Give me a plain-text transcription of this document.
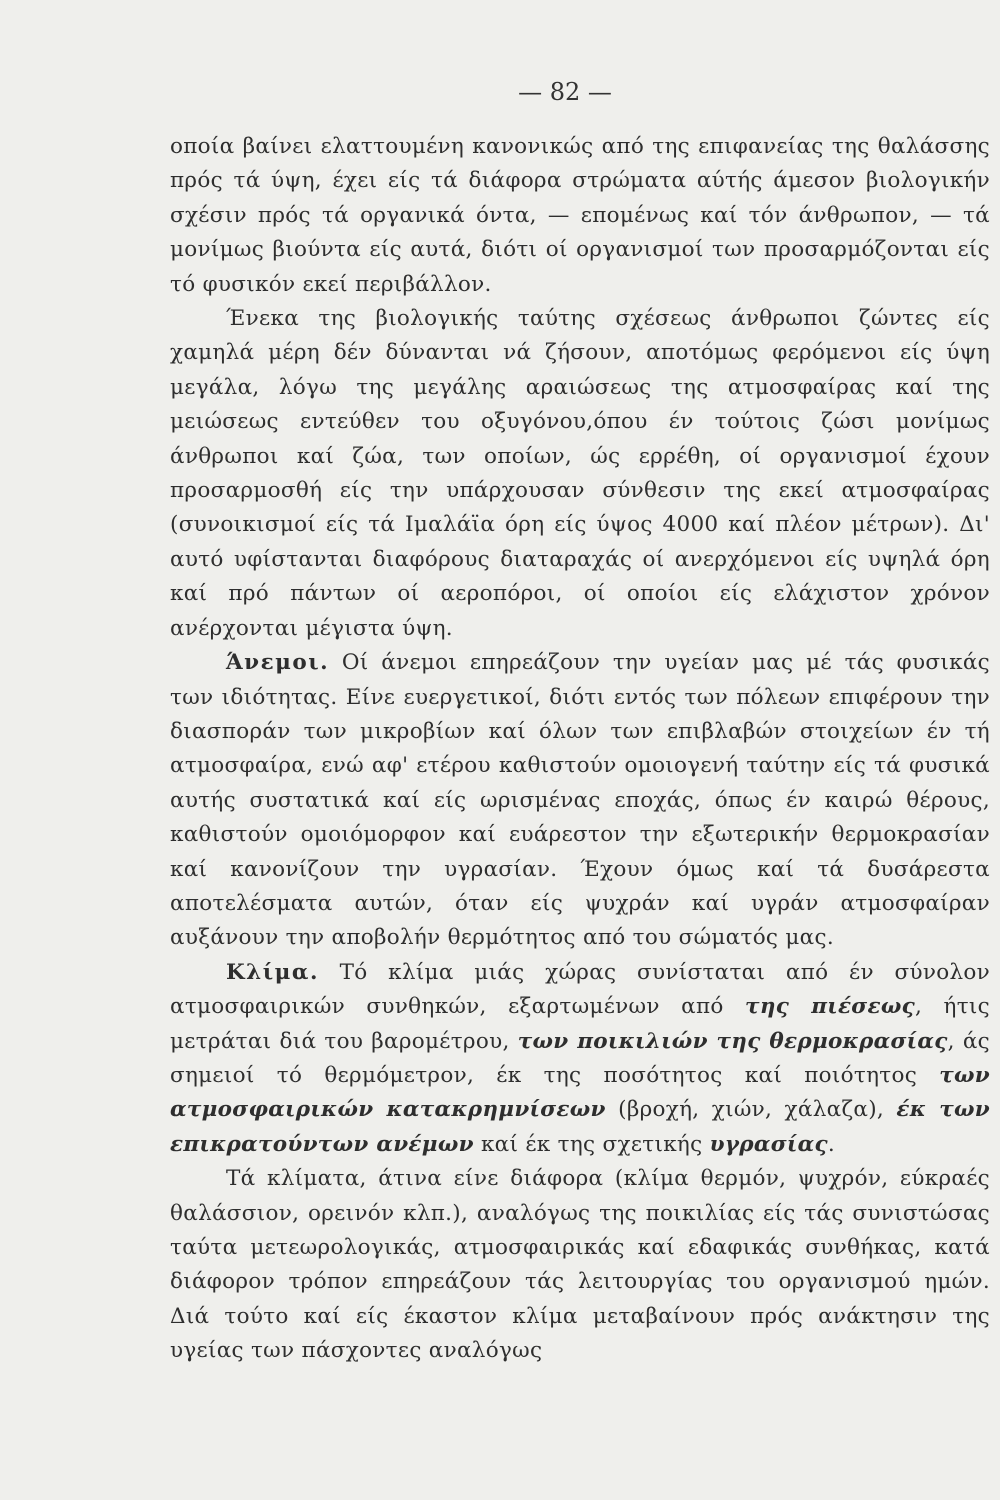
— 82 —

οποία βαίνει ελαττουμένη κανονικώς από της επιφανείας της θαλάσσης πρός τά ύψη, έχει είς τά διάφορα στρώματα αύτής άμεσον βιολογικήν σχέσιν πρός τά οργανικά όντα, — επομένως καί τόν άνθρωπον, — τά μονίμως βιούντα είς αυτά, διότι οί οργανισμοί των προσαρμόζονται είς τό φυσικόν εκεί περιβάλλον.

Ένεκα της βιολογικής ταύτης σχέσεως άνθρωποι ζώντες είς χαμηλά μέρη δέν δύνανται νά ζήσουν, αποτόμως φερόμενοι είς ύψη μεγάλα, λόγω της μεγάλης αραιώσεως της ατμοσφαίρας καί της μειώσεως εντεύθεν του οξυγόνου,όπου έν τούτοις ζώσι μονίμως άνθρωποι καί ζώα, των οποίων, ώς ερρέθη, οί οργανισμοί έχουν προσαρμοσθή είς την υπάρχουσαν σύνθεσιν της εκεί ατμοσφαίρας (συνοικισμοί είς τά Ιμαλάϊα όρη είς ύψος 4000 καί πλέον μέτρων). Δι' αυτό υφίστανται διαφόρους διαταραχάς οί ανερχόμενοι είς υψηλά όρη καί πρό πάντων οί αεροπόροι, οί οποίοι είς ελάχιστον χρόνον ανέρχονται μέγιστα ύψη.

Άνεμοι. Οί άνεμοι επηρεάζουν την υγείαν μας μέ τάς φυσικάς των ιδιότητας. Είνε ευεργετικοί, διότι εντός των πόλεων επιφέρουν την διασποράν των μικροβίων καί όλων των επιβλαβών στοιχείων έν τή ατμοσφαίρα, ενώ αφ' ετέρου καθιστούν ομοιογενή ταύτην είς τά φυσικά αυτής συστατικά καί είς ωρισμένας εποχάς, όπως έν καιρώ θέρους, καθιστούν ομοιόμορφον καί ευάρεστον την εξωτερικήν θερμοκρασίαν καί κανονίζουν την υγρασίαν. Έχουν όμως καί τά δυσάρεστα αποτελέσματα αυτών, όταν είς ψυχράν καί υγράν ατμοσφαίραν αυξάνουν την αποβολήν θερμότητος από του σώματός μας.

Κλίμα. Τό κλίμα μιάς χώρας συνίσταται από έν σύνολον ατμοσφαιρικών συνθηκών, εξαρτωμένων από της πιέσεως, ήτις μετράται διά του βαρομέτρου, των ποικιλιών της θερμοκρασίας, άς σημειοί τό θερμόμετρον, έκ της ποσότητος καί ποιότητος των ατμοσφαιρικών κατακρημνίσεων (βροχή, χιών, χάλαζα), έκ των επικρατούντων ανέμων καί έκ της σχετικής υγρασίας.

Τά κλίματα, άτινα είνε διάφορα (κλίμα θερμόν, ψυχρόν, εύκραές θαλάσσιον, ορεινόν κλπ.), αναλόγως της ποικιλίας είς τάς συνιστώσας ταύτα μετεωρολογικάς, ατμοσφαιρικάς καί εδαφικάς συνθήκας, κατά διάφορον τρόπον επηρεάζουν τάς λειτουργίας του οργανισμού ημών. Διά τούτο καί είς έκαστον κλίμα μεταβαίνουν πρός ανάκτησιν της υγείας των πάσχοντες αναλόγως
